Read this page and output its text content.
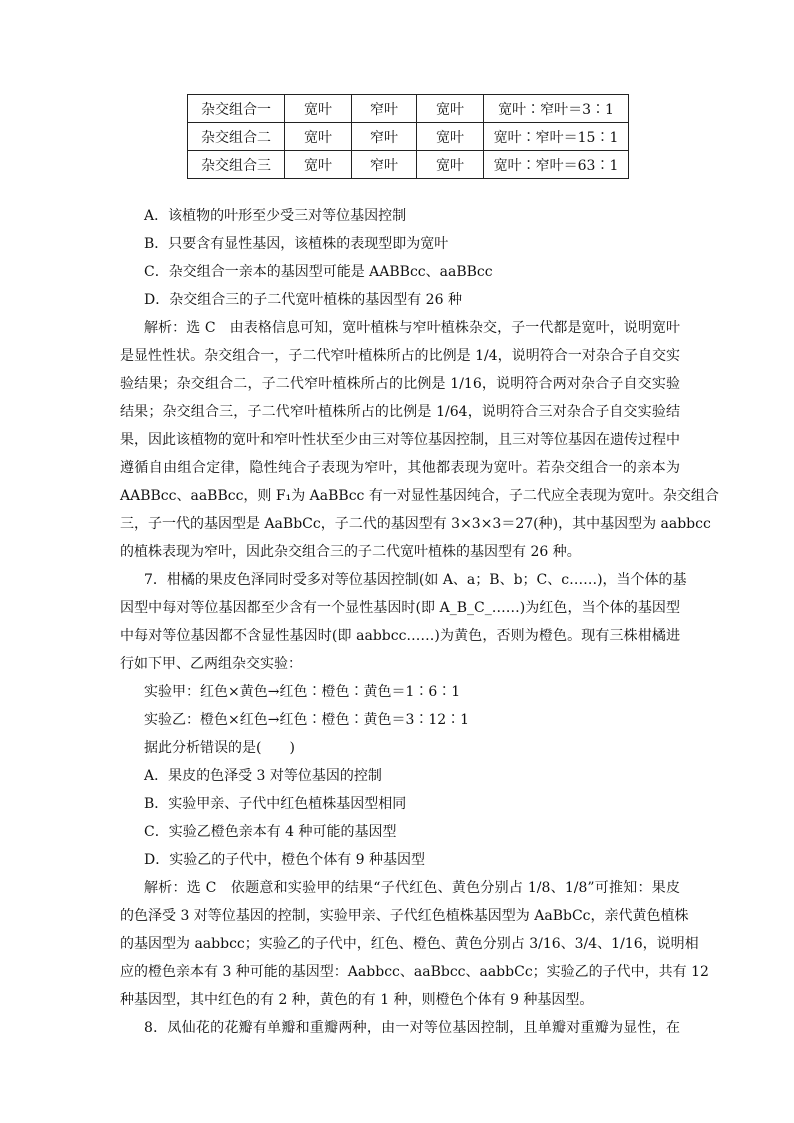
杂交组合一	宽叶	窄叶	宽叶	宽叶∶窄叶＝3∶1
杂交组合二	宽叶	窄叶	宽叶	宽叶∶窄叶＝15∶1
杂交组合三	宽叶	窄叶	宽叶	宽叶∶窄叶＝63∶1
A．该植物的叶形至少受三对等位基因控制
B．只要含有显性基因，该植株的表现型即为宽叶
C．杂交组合一亲本的基因型可能是 AABBcc、aaBBcc
D．杂交组合三的子二代宽叶植株的基因型有 26 种
解析：选 C　由表格信息可知，宽叶植株与窄叶植株杂交，子一代都是宽叶，说明宽叶
是显性性状。杂交组合一，子二代窄叶植株所占的比例是 1/4，说明符合一对杂合子自交实
验结果；杂交组合二，子二代窄叶植株所占的比例是 1/16，说明符合两对杂合子自交实验
结果；杂交组合三，子二代窄叶植株所占的比例是 1/64，说明符合三对杂合子自交实验结
果，因此该植物的宽叶和窄叶性状至少由三对等位基因控制，且三对等位基因在遗传过程中
遵循自由组合定律，隐性纯合子表现为窄叶，其他都表现为宽叶。若杂交组合一的亲本为
AABBcc、aaBBcc，则 F₁为 AaBBcc 有一对显性基因纯合，子二代应全表现为宽叶。杂交组合
三，子一代的基因型是 AaBbCc，子二代的基因型有 3×3×3＝27(种)，其中基因型为 aabbcc
的植株表现为窄叶，因此杂交组合三的子二代宽叶植株的基因型有 26 种。
7．柑橘的果皮色泽同时受多对等位基因控制(如 A、a；B、b；C、c……)，当个体的基
因型中每对等位基因都至少含有一个显性基因时(即 A_B_C_……)为红色，当个体的基因型
中每对等位基因都不含显性基因时(即 aabbcc……)为黄色，否则为橙色。现有三株柑橘进
行如下甲、乙两组杂交实验：
实验甲：红色×黄色→红色∶橙色∶黄色＝1∶6∶1
实验乙：橙色×红色→红色∶橙色∶黄色＝3∶12∶1
据此分析错误的是(　　)
A．果皮的色泽受 3 对等位基因的控制
B．实验甲亲、子代中红色植株基因型相同
C．实验乙橙色亲本有 4 种可能的基因型
D．实验乙的子代中，橙色个体有 9 种基因型
解析：选 C　依题意和实验甲的结果“子代红色、黄色分别占 1/8、1/8”可推知：果皮
的色泽受 3 对等位基因的控制，实验甲亲、子代红色植株基因型为 AaBbCc，亲代黄色植株
的基因型为 aabbcc；实验乙的子代中，红色、橙色、黄色分别占 3/16、3/4、1/16，说明相
应的橙色亲本有 3 种可能的基因型：Aabbcc、aaBbcc、aabbCc；实验乙的子代中，共有 12
种基因型，其中红色的有 2 种，黄色的有 1 种，则橙色个体有 9 种基因型。
8．凤仙花的花瓣有单瓣和重瓣两种，由一对等位基因控制，且单瓣对重瓣为显性，在
